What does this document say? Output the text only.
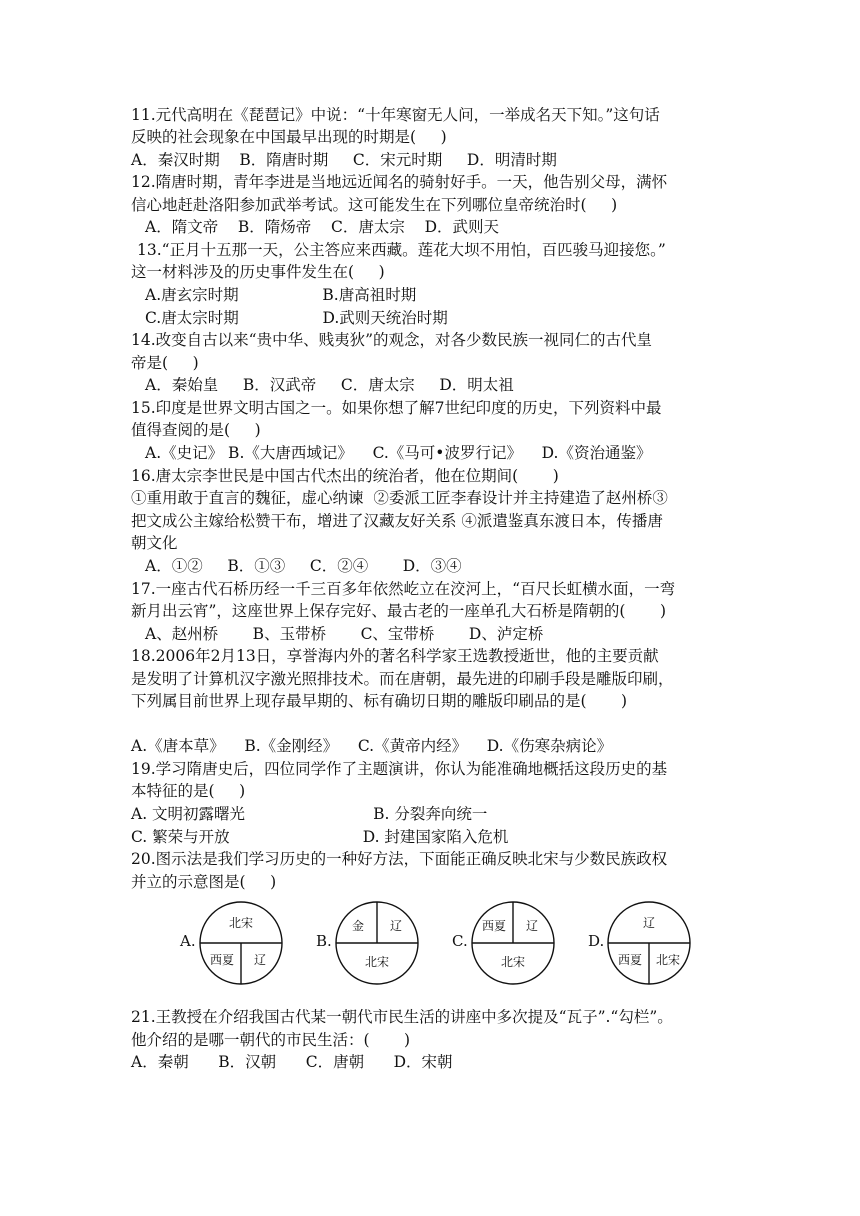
11.元代高明在《琵琶记》中说：“十年寒窗无人问，一举成名天下知。”这句话
反映的社会现象在中国最早出现的时期是(     )
A．秦汉时期    B．隋唐时期     C．宋元时期     D．明清时期
12.隋唐时期，青年李进是当地远近闻名的骑射好手。一天，他告别父母，满怀
信心地赶赴洛阳参加武举考试。这可能发生在下列哪位皇帝统治时(     )
A．隋文帝    B．隋炀帝    C．唐太宗    D．武则天
13.“正月十五那一天，公主答应来西藏。莲花大坝不用怕，百匹骏马迎接您。”
这一材料涉及的历史事件发生在(     )
A.唐玄宗时期                 B.唐高祖时期
C.唐太宗时期                 D.武则天统治时期
14.改变自古以来“贵中华、贱夷狄”的观念，对各少数民族一视同仁的古代皇
帝是(     )
A．秦始皇     B．汉武帝     C．唐太宗     D．明太祖
15.印度是世界文明古国之一。如果你想了解7世纪印度的历史，下列资料中最
值得查阅的是(     )
A.《史记》 B.《大唐西域记》    C.《马可•波罗行记》    D.《资治通鉴》
16.唐太宗李世民是中国古代杰出的统治者，他在位期间(       )
①重用敢于直言的魏征，虚心纳谏  ②委派工匠李春设计并主持建造了赵州桥③
把文成公主嫁给松赞干布，增进了汉藏友好关系 ④派遣鉴真东渡日本，传播唐
朝文化
A．①②     B．①③     C．②④       D．③④
17.一座古代石桥历经一千三百多年依然屹立在洨河上，“百尺长虹横水面，一弯
新月出云宵”，这座世界上保存完好、最古老的一座单孔大石桥是隋朝的(       )
A、赵州桥       B、玉带桥       C、宝带桥       D、泸定桥
18.2006年2月13日，享誉海内外的著名科学家王选教授逝世，他的主要贡献
是发明了计算机汉字激光照排技术。而在唐朝，最先进的印刷手段是雕版印刷，
下列属目前世界上现存最早期的、标有确切日期的雕版印刷品的是(       )
A.《唐本草》    B.《金刚经》    C.《黄帝内经》    D.《伤寒杂病论》
19.学习隋唐史后，四位同学作了主题演讲，你认为能准确地概括这段历史的基
本特征的是(     )
A. 文明初露曙光                          B. 分裂奔向统一
C. 繁荣与开放                           D. 封建国家陷入危机
20.图示法是我们学习历史的一种好方法，下面能正确反映北宋与少数民族政权
并立的示意图是(     )
A.
北宋
西夏 辽
B.
金 辽
北宋
C.
西夏 辽
北宋
D.
辽
西夏 北宋
21.王教授在介绍我国古代某一朝代市民生活的讲座中多次提及“瓦子”.“勾栏”。
他介绍的是哪一朝代的市民生活：(       )
A．秦朝      B．汉朝      C．唐朝      D．宋朝
